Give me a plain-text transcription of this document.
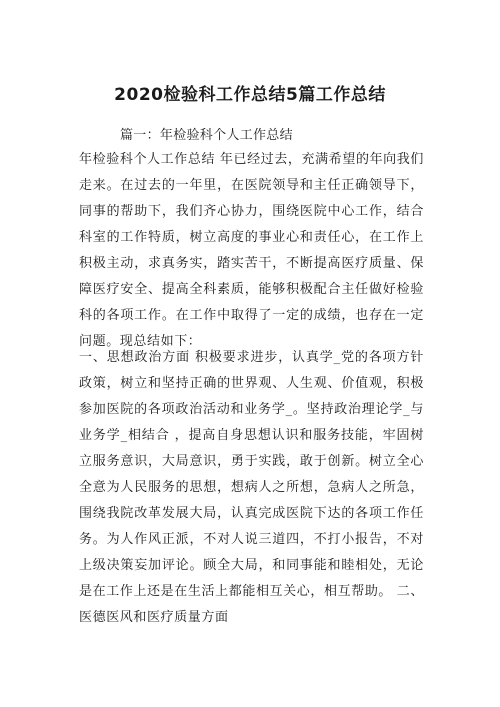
2020检验科工作总结5篇工作总结
篇一：年检验科个人工作总结
年检验科个人工作总结 年已经过去，充满希望的年向我们走来。在过去的一年里，在医院领导和主任正确领导下，同事的帮助下，我们齐心协力，围绕医院中心工作，结合科室的工作特质，树立高度的事业心和责任心，在工作上积极主动，求真务实，踏实苦干，不断提高医疗质量、保障医疗安全、提高全科素质，能够积极配合主任做好检验科的各项工作。在工作中取得了一定的成绩，也存在一定问题。现总结如下：
一、思想政治方面 积极要求进步，认真学_党的各项方针政策，树立和坚持正确的世界观、人生观、价值观，积极参加医院的各项政治活动和业务学_。坚持政治理论学_与业务学_相结合 ，提高自身思想认识和服务技能，牢固树立服务意识，大局意识，勇于实践，敢于创新。树立全心全意为人民服务的思想，想病人之所想，急病人之所急，围绕我院改革发展大局，认真完成医院下达的各项工作任务。为人作风正派，不对人说三道四，不打小报告，不对上级决策妄加评论。顾全大局，和同事能和睦相处，无论是在工作上还是在生活上都能相互关心，相互帮助。 二、医德医风和医疗质量方面
